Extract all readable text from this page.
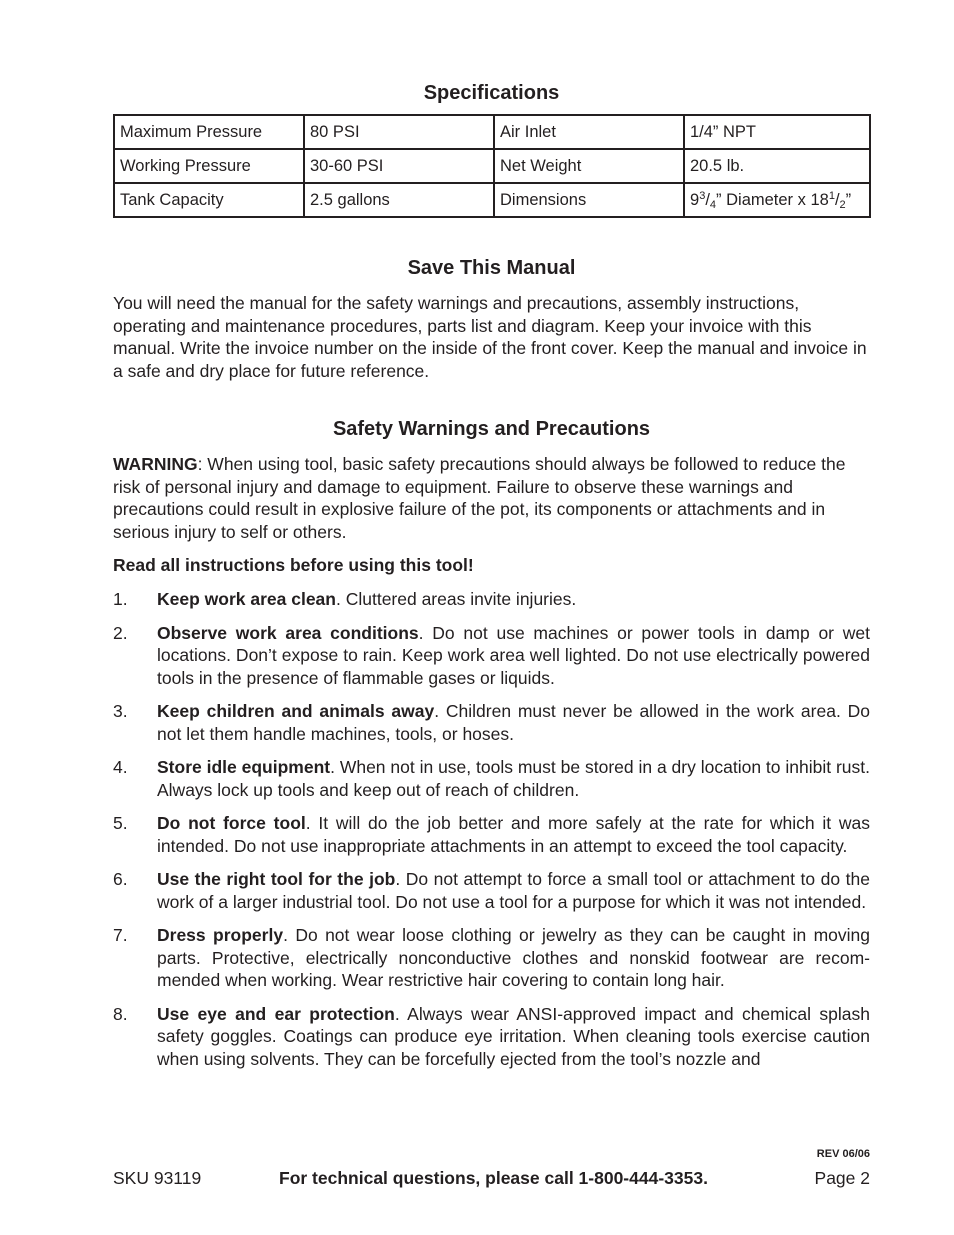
Specifications
Maximum Pressure	80 PSI	Air Inlet	1/4” NPT
Working Pressure	30-60 PSI	Net Weight	20.5 lb.
Tank Capacity	2.5 gallons	Dimensions	$9^3/_4$” Diameter x $18^1/_2$”
Save This Manual

You will need the manual for the safety warnings and precautions, assembly instructions, operating and maintenance procedures, parts list and diagram. Keep your invoice with this manual. Write the invoice number on the inside of the front cover. Keep the manual and invoice in a safe and dry place for future reference.

Safety Warnings and Precautions

WARNING: When using tool, basic safety precautions should always be followed to reduce the risk of personal injury and damage to equipment. Failure to observe these warnings and precautions could result in explosive failure of the pot, its components or attachments and in serious injury to self or others.

Read all instructions before using this tool!

1. Keep work area clean. Cluttered areas invite injuries.
2. Observe work area conditions. Do not use machines or power tools in damp or wet locations. Don’t expose to rain. Keep work area well lighted. Do not use electrically powered tools in the presence of flammable gases or liquids.
3. Keep children and animals away. Children must never be allowed in the work area. Do not let them handle machines, tools, or hoses.
4. Store idle equipment. When not in use, tools must be stored in a dry location to inhibit rust. Always lock up tools and keep out of reach of children.
5. Do not force tool. It will do the job better and more safely at the rate for which it was intended. Do not use inappropriate attachments in an attempt to exceed the tool capacity.
6. Use the right tool for the job. Do not attempt to force a small tool or attachment to do the work of a larger industrial tool. Do not use a tool for a purpose for which it was not intended.
7. Dress properly. Do not wear loose clothing or jewelry as they can be caught in moving parts. Protective, electrically nonconductive clothes and nonskid footwear are recommended when working. Wear restrictive hair covering to contain long hair.
8. Use eye and ear protection. Always wear ANSI-approved impact and chemical splash safety goggles. Coatings can produce eye irritation. When cleaning tools exercise caution when using solvents. They can be forcefully ejected from the tool’s nozzle and
REV 06/06
SKU 93119	For technical questions, please call 1-800-444-3353.	Page 2
